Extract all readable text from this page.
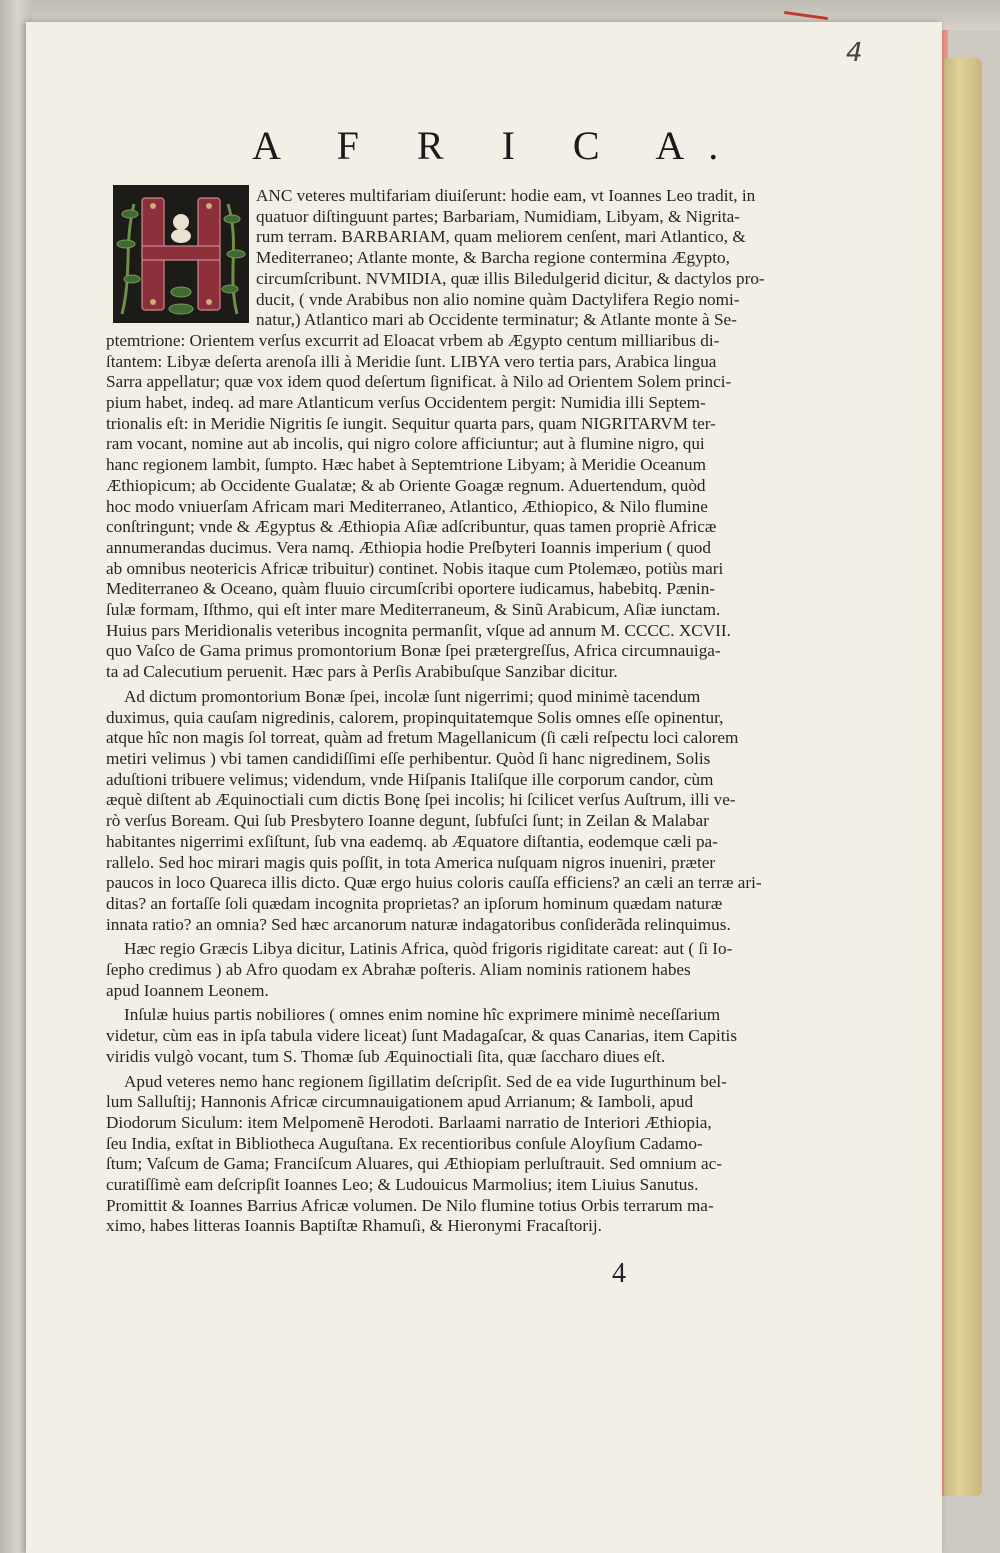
4
A F R I C A.
ANC veteres multifariam diuiſerunt: hodie eam, vt Ioannes Leo tradit, in
quatuor diſtinguunt partes; Barbariam, Numidiam, Libyam, & Nigrita-
rum terram. BARBARIAM, quam meliorem cenſent, mari Atlantico, &
Mediterraneo; Atlante monte, & Barcha regione contermina Ægypto,
circumſcribunt. NVMIDIA, quæ illis Biledulgerid dicitur, & dactylos pro-
ducit, ( vnde Arabibus non alio nomine quàm Dactylifera Regio nomi-
natur,) Atlantico mari ab Occidente terminatur; & Atlante monte à Se-
ptemtrione: Orientem verſus excurrit ad Eloacat vrbem ab Ægypto centum milliaribus di-
ſtantem: Libyæ deſerta arenoſa illi à Meridie ſunt. LIBYA vero tertia pars, Arabica lingua
Sarra appellatur; quæ vox idem quod deſertum ſignificat. à Nilo ad Orientem Solem princi-
pium habet, indeq. ad mare Atlanticum verſus Occidentem pergit: Numidia illi Septem-
trionalis eſt: in Meridie Nigritis ſe iungit. Sequitur quarta pars, quam NIGRITARVM ter-
ram vocant, nomine aut ab incolis, qui nigro colore afficiuntur; aut à flumine nigro, qui
hanc regionem lambit, ſumpto. Hæc habet à Septemtrione Libyam; à Meridie Oceanum
Æthiopicum; ab Occidente Gualatæ; & ab Oriente Goagæ regnum. Aduertendum, quòd
hoc modo vniuerſam Africam mari Mediterraneo, Atlantico, Æthiopico, & Nilo flumine
conſtringunt; vnde & Ægyptus & Æthiopia Aſiæ adſcribuntur, quas tamen propriè Africæ
annumerandas ducimus. Vera namq. Æthiopia hodie Preſbyteri Ioannis imperium ( quod
ab omnibus neotericis Africæ tribuitur) continet. Nobis itaque cum Ptolemæo, potiùs mari
Mediterraneo & Oceano, quàm fluuio circumſcribi oportere iudicamus, habebitq. Pænin-
ſulæ formam, Iſthmo, qui eſt inter mare Mediterraneum, & Sinũ Arabicum, Aſiæ iunctam.
Huius pars Meridionalis veteribus incognita permanſit, vſque ad annum M. CCCC. XCVII.
quo Vaſco de Gama primus promontorium Bonæ ſpei prætergreſſus, Africa circumnauiga-
ta ad Calecutium peruenit. Hæc pars à Perſis Arabibuſque Sanzibar dicitur.
Ad dictum promontorium Bonæ ſpei, incolæ ſunt nigerrimi; quod minimè tacendum
duximus, quia cauſam nigredinis, calorem, propinquitatemque Solis omnes eſſe opinentur,
atque hîc non magis ſol torreat, quàm ad fretum Magellanicum (ſi cæli reſpectu loci calorem
metiri velimus ) vbi tamen candidiſſimi eſſe perhibentur. Quòd ſi hanc nigredinem, Solis
aduſtioni tribuere velimus; videndum, vnde Hiſpanis Italiſque ille corporum candor, cùm
æquè diſtent ab Æquinoctiali cum dictis Bonę ſpei incolis; hi ſcilicet verſus Auſtrum, illi ve-
rò verſus Boream. Qui ſub Presbytero Ioanne degunt, ſubfuſci ſunt; in Zeilan & Malabar
habitantes nigerrimi exſiſtunt, ſub vna eademq. ab Æquatore diſtantia, eodemque cæli pa-
rallelo. Sed hoc mirari magis quis poſſit, in tota America nuſquam nigros inueniri, præter
paucos in loco Quareca illis dicto. Quæ ergo huius coloris cauſſa efficiens? an cæli an terræ ari-
ditas? an fortaſſe ſoli quædam incognita proprietas? an ipſorum hominum quædam naturæ
innata ratio? an omnia? Sed hæc arcanorum naturæ indagatoribus conſiderãda relinquimus.
Hæc regio Græcis Libya dicitur, Latinis Africa, quòd frigoris rigiditate careat: aut ( ſi Io-
ſepho credimus ) ab Afro quodam ex Abrahæ poſteris. Aliam nominis rationem habes
apud Ioannem Leonem.
Inſulæ huius partis nobiliores ( omnes enim nomine hîc exprimere minimè neceſſarium
videtur, cùm eas in ipſa tabula videre liceat) ſunt Madagaſcar, & quas Canarias, item Capitis
viridis vulgò vocant, tum S. Thomæ ſub Æquinoctiali ſita, quæ ſaccharo diues eſt.
Apud veteres nemo hanc regionem ſigillatim deſcripſit. Sed de ea vide Iugurthinum bel-
lum Salluſtij; Hannonis Africæ circumnauigationem apud Arrianum; & Iamboli, apud
Diodorum Siculum: item Melpomenẽ Herodoti. Barlaami narratio de Interiori Æthiopia,
ſeu India, exſtat in Bibliotheca Auguſtana. Ex recentioribus conſule Aloyſium Cadamo-
ſtum; Vaſcum de Gama; Franciſcum Aluares, qui Æthiopiam perluſtrauit. Sed omnium ac-
curatiſſimè eam deſcripſit Ioannes Leo; & Ludouicus Marmolius; item Liuius Sanutus.
Promittit & Ioannes Barrius Africæ volumen. De Nilo flumine totius Orbis terrarum ma-
ximo, habes litteras Ioannis Baptiſtæ Rhamuſi, & Hieronymi Fracaſtorij.
4
